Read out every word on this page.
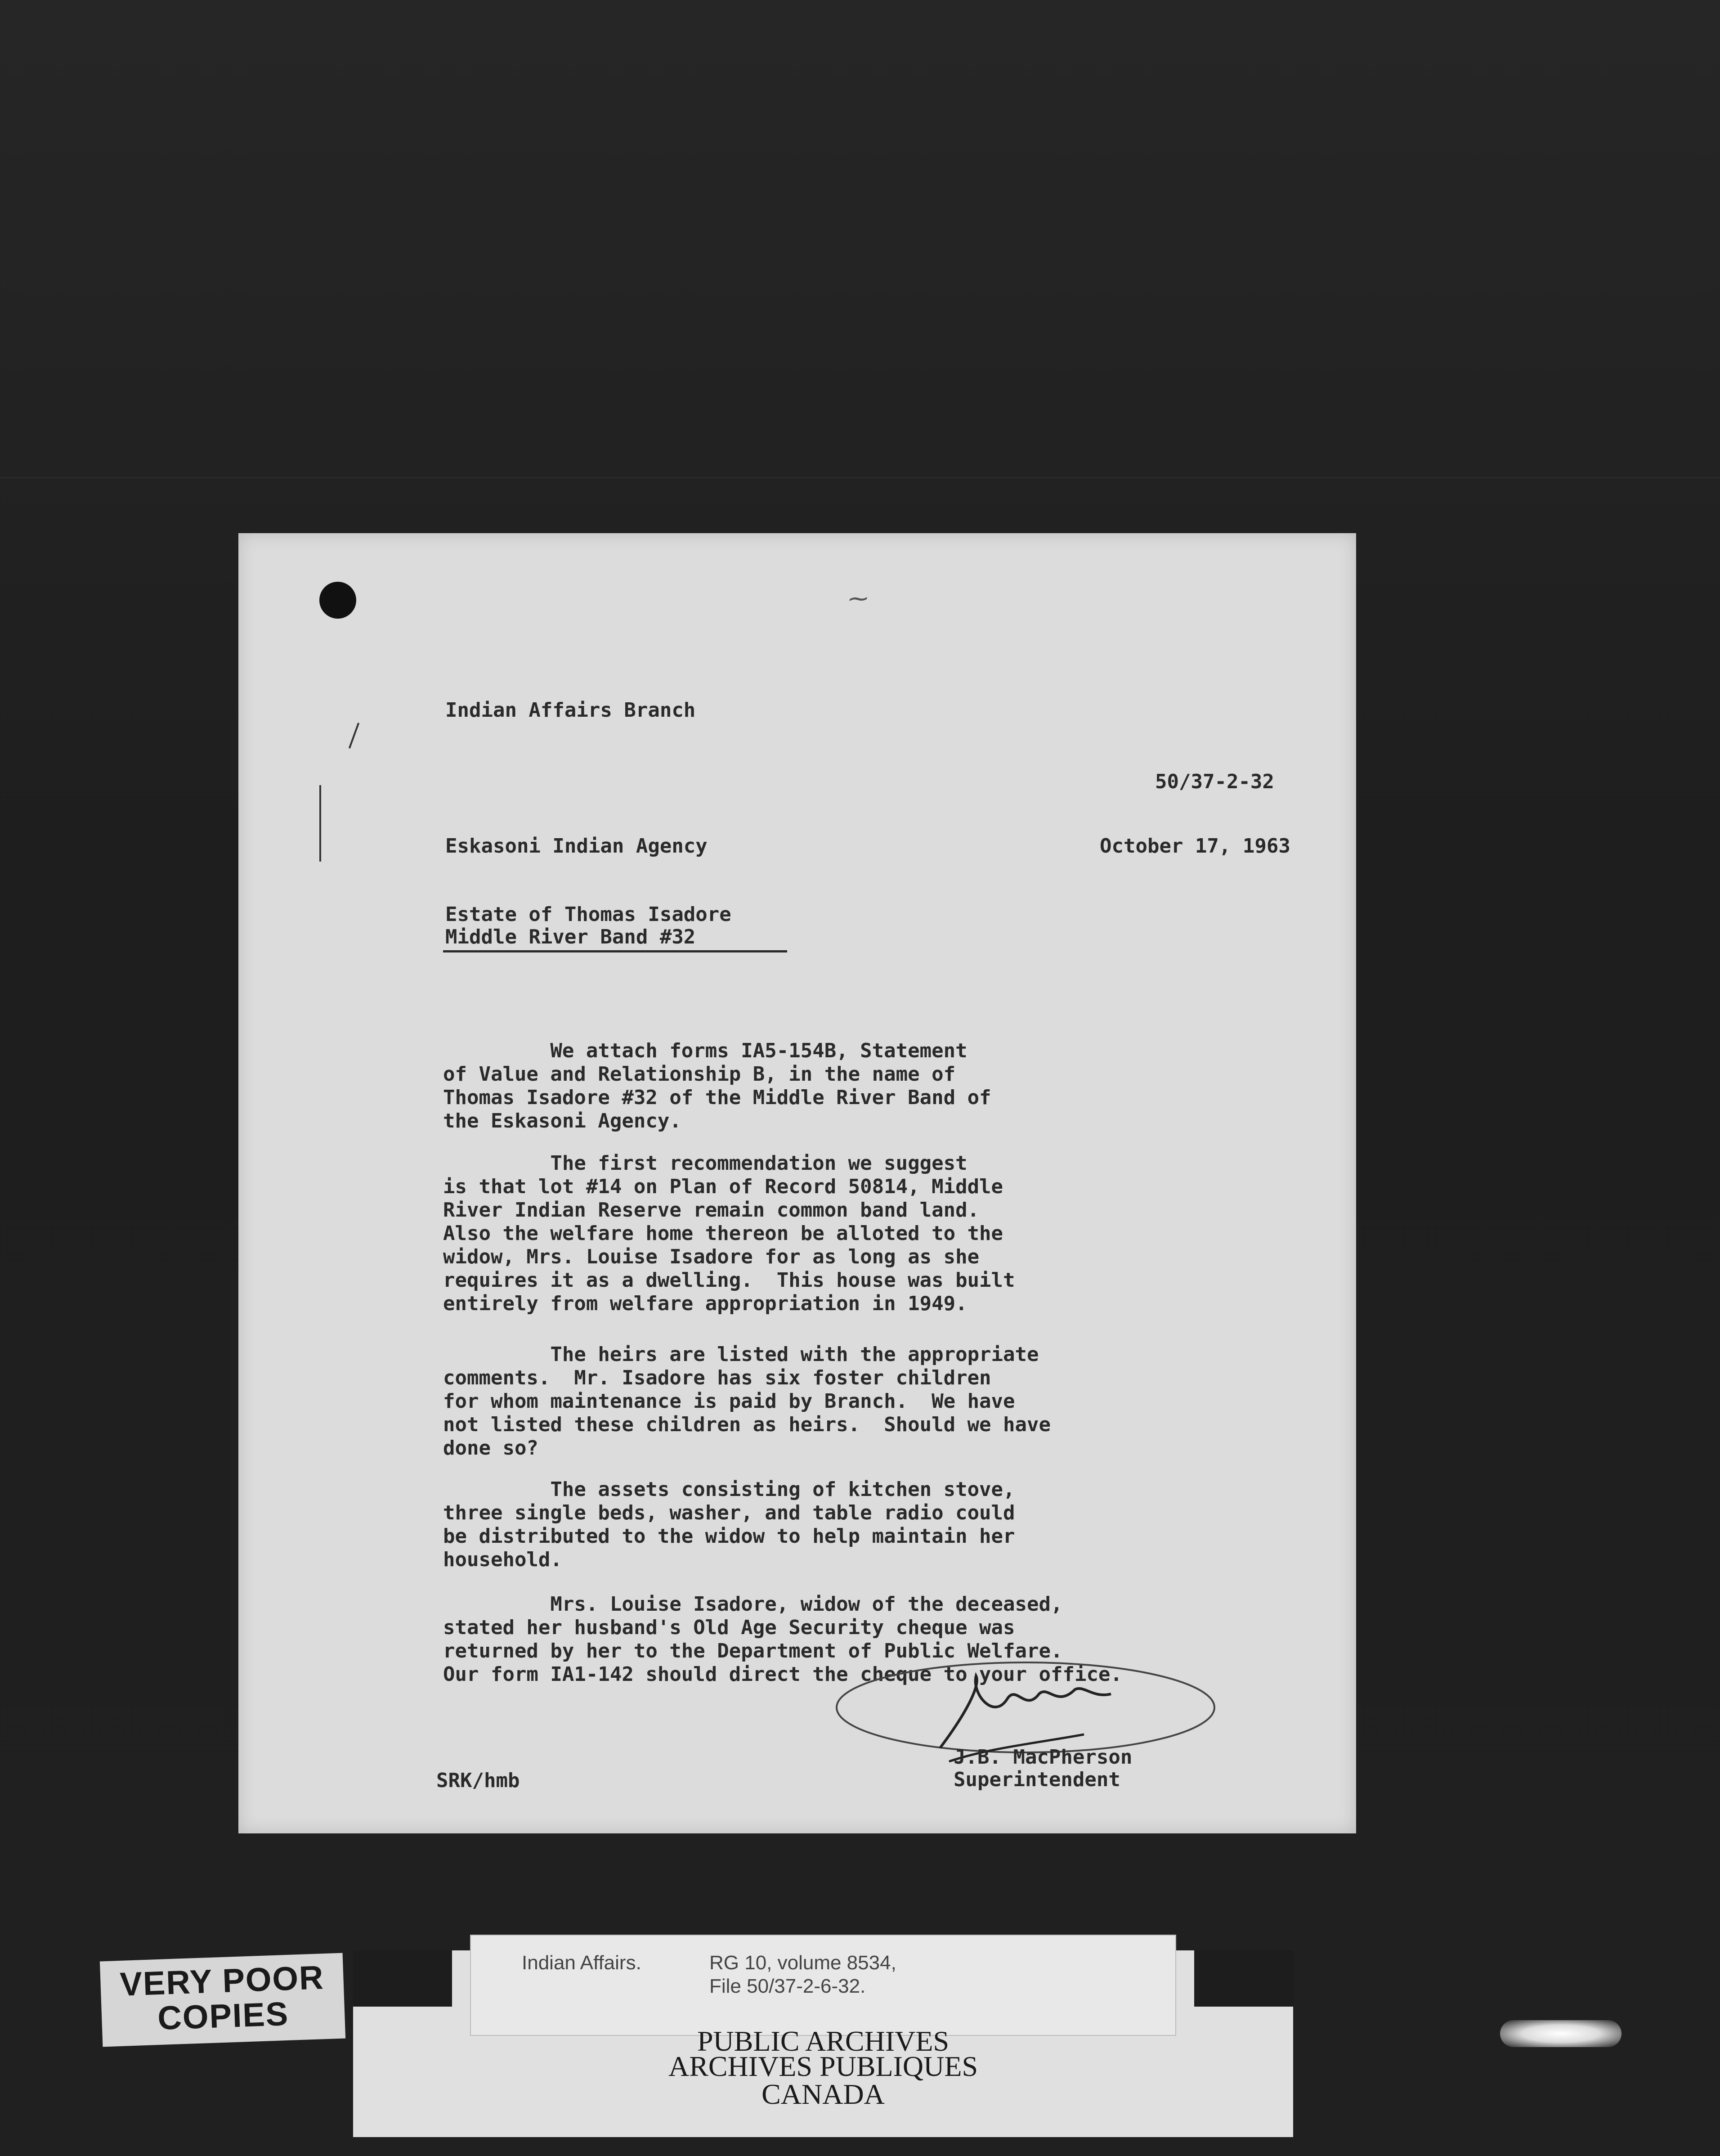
⁓
Indian Affairs Branch
50/37-2-32
Eskasoni Indian Agency	October 17, 1963
Estate of Thomas Isadore
Middle River Band #32
We attach forms IA5-154B, Statement
of Value and Relationship B, in the name of
Thomas Isadore #32 of the Middle River Band of
the Eskasoni Agency.
The first recommendation we suggest
is that lot #14 on Plan of Record 50814, Middle
River Indian Reserve remain common band land.
Also the welfare home thereon be alloted to the
widow, Mrs. Louise Isadore for as long as she
requires it as a dwelling.  This house was built
entirely from welfare appropriation in 1949.
The heirs are listed with the appropriate
comments.  Mr. Isadore has six foster children
for whom maintenance is paid by Branch.  We have
not listed these children as heirs.  Should we have
done so?
The assets consisting of kitchen stove,
three single beds, washer, and table radio could
be distributed to the widow to help maintain her
household.
Mrs. Louise Isadore, widow of the deceased,
stated her husband's Old Age Security cheque was
returned by her to the Department of Public Welfare.
Our form IA1-142 should direct the cheque to your office.
SRK/hmb
J.B. MacPherson
Superintendent
VERY POOR
COPIES
Indian Affairs.	RG 10, volume 8534,
File 50/37-2-6-32.
PUBLIC ARCHIVES
ARCHIVES PUBLIQUES
CANADA
